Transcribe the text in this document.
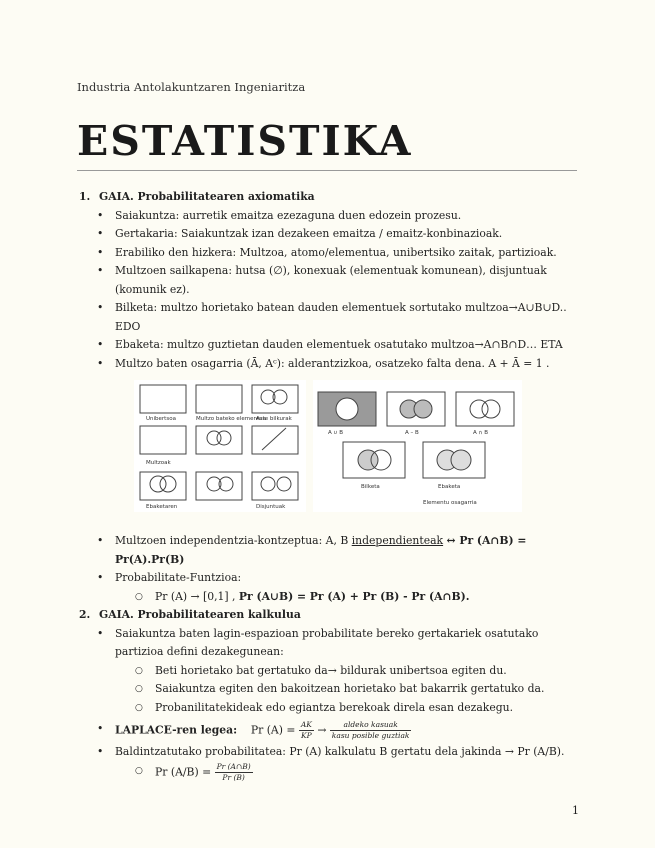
Industria Antolakuntzaren Ingeniaritza
ESTATISTIKA
1. GAIA. Probabilitatearen axiomatika
• Saiakuntza: aurretik emaitza ezezaguna duen edozein prozesu.
• Gertakaria: Saiakuntzak izan dezakeen emaitza / emaitz-konbinazioak.
• Erabiliko den hizkera: Multzoa, atomo/elementua, unibertsiko zaitak, partizioak.
• Multzoen sailkapena: hutsa (∅), konexuak (elementuak komunean), disjuntuak (komunik ez).
• Bilketa: multzo horietako batean dauden elementuek sortutako multzoa→A∪B∪D.. EDO
• Ebaketa: multzo guztietan dauden elementuek osatutako multzoa→A∩B∩D… ETA
• Multzo baten osagarria (Ā, Aᶜ): alderantzizkoa, osatzeko falta dena. A + Ā = 1 .
Unibertsoa	Multzo bateko elementua
Aste bilkurak
Multzoak
Ebaketaren	Disjuntuak
A ∪ B	A – B	A ∩ B
Bilketa	Ebaketa
Elementu osagarria
• Multzoen independentzia-kontzeptua: A, B independienteak ↔ Pr (A∩B) = Pr(A).Pr(B)
• Probabilitate-Funtzioa:
○ Pr (A) → [0,1] , Pr (A∪B) = Pr (A) + Pr (B) - Pr (A∩B).
2. GAIA. Probabilitatearen kalkulua
• Saiakuntza baten lagin-espazioan probabilitate bereko gertakariek osatutako partizioa defini dezakegunean:
○ Beti horietako bat gertatuko da→ bildurak unibertsoa egiten du.
○ Saiakuntza egiten den bakoitzean horietako bat bakarrik gertatuko da.
○ Probanilitatekideak edo egiantza berekoak direla esan dezakegu.
• LAPLACE-ren legea: Pr $(A) = \frac{AK}{KP} \to \frac{\text{aldeko kasuak}}{\text{kasu posible guztiak}}$
• Baldintzatutako probabilitatea: Pr (A) kalkulatu B gertatu dela jakinda → Pr (A/B).
○ Pr $(A/B) = \frac{Pr (A\cap B)}{Pr (B)}$
1
